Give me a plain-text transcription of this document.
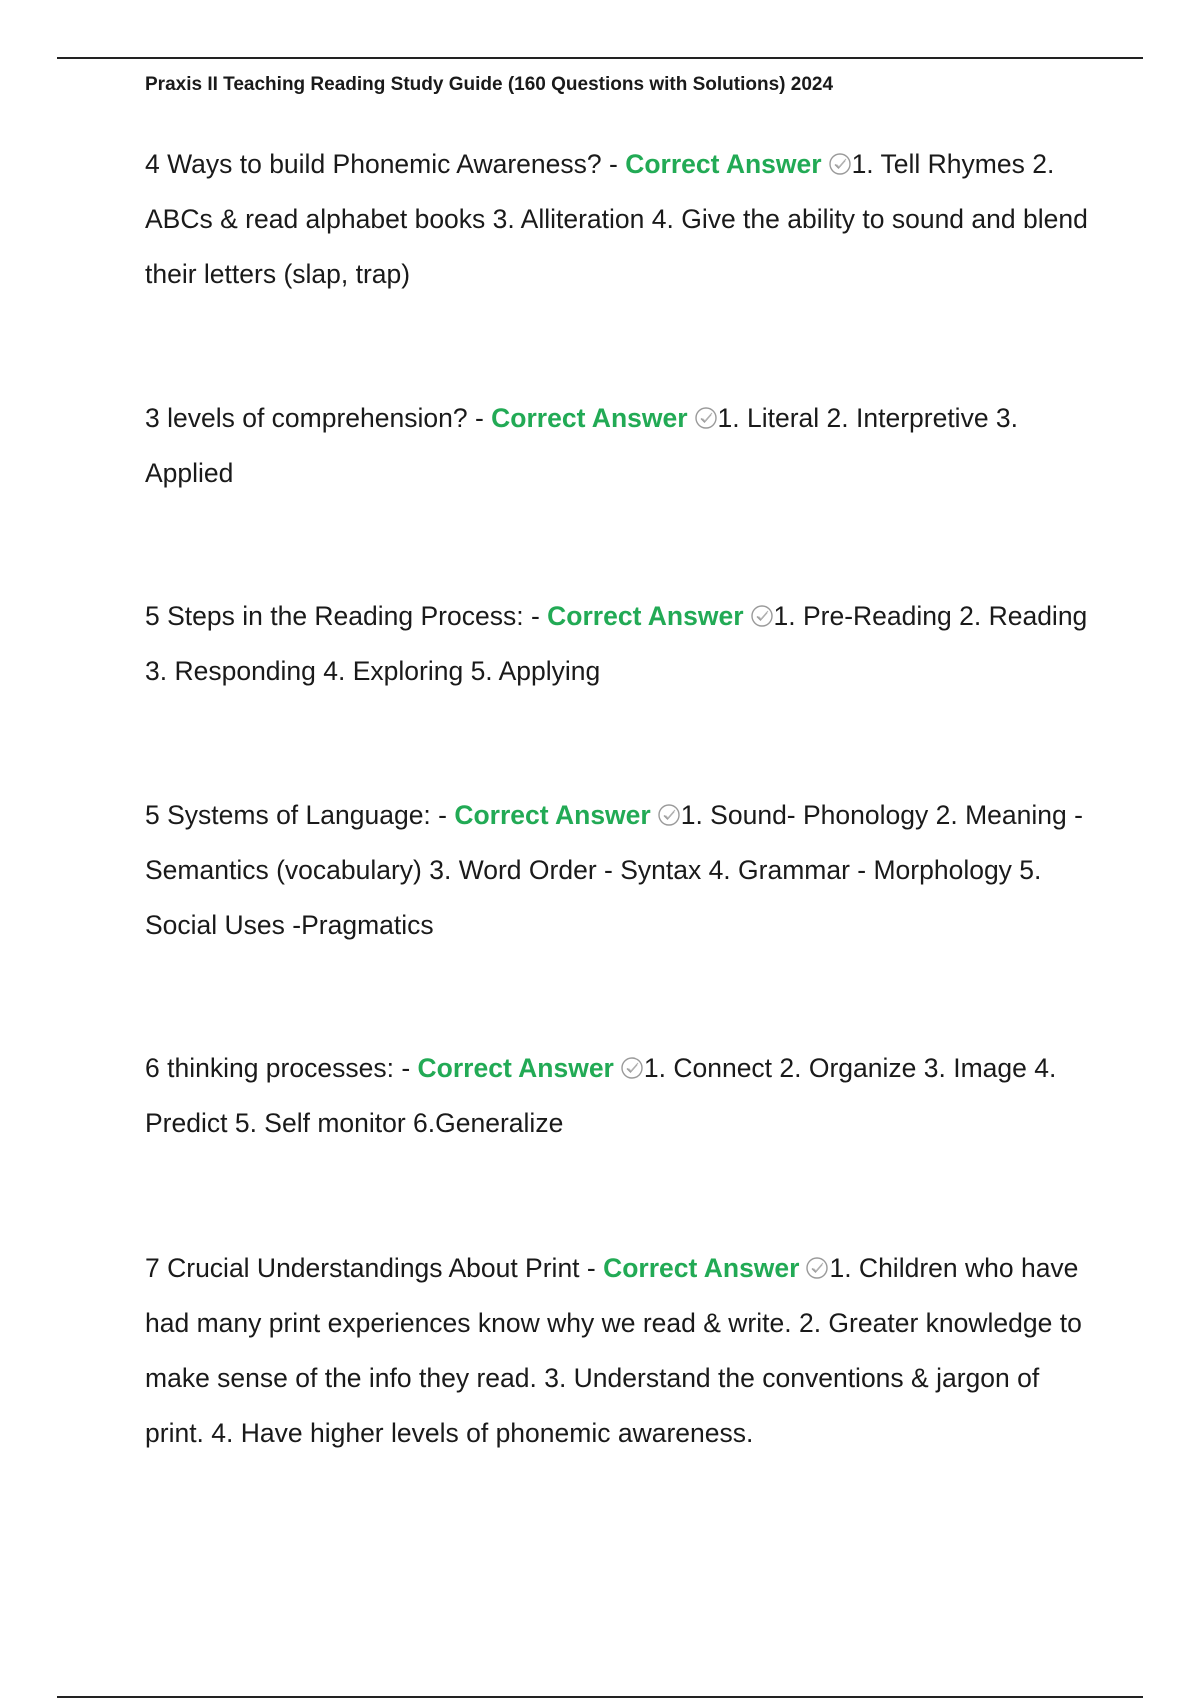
Praxis II Teaching Reading Study Guide (160 Questions with Solutions) 2024
4 Ways to build Phonemic Awareness? - Correct Answer 1. Tell Rhymes 2. ABCs & read alphabet books 3. Alliteration 4. Give the ability to sound and blend their letters (slap, trap)
3 levels of comprehension? - Correct Answer 1. Literal 2. Interpretive 3. Applied
5 Steps in the Reading Process: - Correct Answer 1. Pre-Reading 2. Reading 3. Responding 4. Exploring 5. Applying
5 Systems of Language: - Correct Answer 1. Sound- Phonology 2. Meaning -Semantics (vocabulary) 3. Word Order - Syntax 4. Grammar - Morphology 5. Social Uses -Pragmatics
6 thinking processes: - Correct Answer 1. Connect 2. Organize 3. Image 4. Predict 5. Self monitor 6.Generalize
7 Crucial Understandings About Print - Correct Answer 1. Children who have had many print experiences know why we read & write. 2. Greater knowledge to make sense of the info they read. 3. Understand the conventions & jargon of print. 4. Have higher levels of phonemic awareness.
